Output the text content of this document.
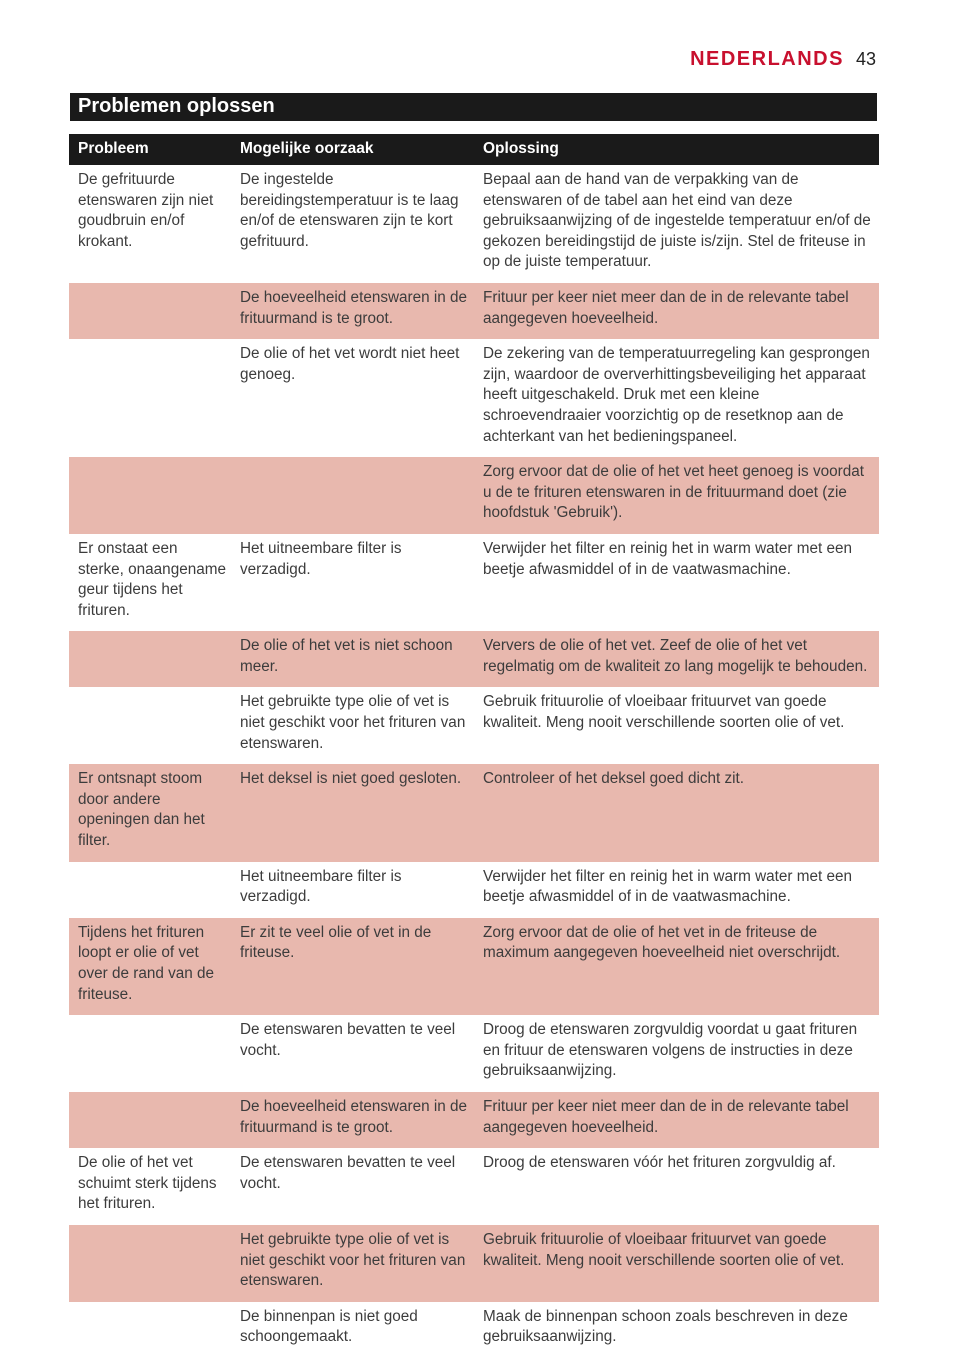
NEDERLANDS 43
Problemen oplossen
Probleem	Mogelijke oorzaak	Oplossing
De gefrituurde etenswaren zijn niet goudbruin en/of krokant.	De ingestelde bereidingstemperatuur is te laag en/of de etenswaren zijn te kort gefrituurd.	Bepaal aan de hand van de verpakking van de etenswaren of de tabel aan het eind van deze gebruiksaanwijzing of de ingestelde temperatuur en/of de gekozen bereidingstijd de juiste is/zijn. Stel de friteuse in op de juiste temperatuur.
	De hoeveelheid etenswaren in de frituurmand is te groot.	Frituur per keer niet meer dan de in de relevante tabel aangegeven hoeveelheid.
	De olie of het vet wordt niet heet genoeg.	De zekering van de temperatuurregeling kan gesprongen zijn, waardoor de oververhittingsbeveiliging het apparaat heeft uitgeschakeld. Druk met een kleine schroevendraaier voorzichtig op de resetknop aan de achterkant van het bedieningspaneel.
		Zorg ervoor dat de olie of het vet heet genoeg is voordat u de te frituren etenswaren in de frituurmand doet (zie hoofdstuk 'Gebruik').
Er onstaat een sterke, onaangename geur tijdens het frituren.	Het uitneembare filter is verzadigd.	Verwijder het filter en reinig het in warm water met een beetje afwasmiddel of in de vaatwasmachine.
	De olie of het vet is niet schoon meer.	Ververs de olie of het vet. Zeef de olie of het vet regelmatig om de kwaliteit zo lang mogelijk te behouden.
	Het gebruikte type olie of vet is niet geschikt voor het frituren van etenswaren.	Gebruik frituurolie of vloeibaar frituurvet van goede kwaliteit. Meng nooit verschillende soorten olie of vet.
Er ontsnapt stoom door andere openingen dan het filter.	Het deksel is niet goed gesloten.	Controleer of het deksel goed dicht zit.
	Het uitneembare filter is verzadigd.	Verwijder het filter en reinig het in warm water met een beetje afwasmiddel of in de vaatwasmachine.
Tijdens het frituren loopt er olie of vet over de rand van de friteuse.	Er zit te veel olie of vet in de friteuse.	Zorg ervoor dat de olie of het vet in de friteuse de maximum aangegeven hoeveelheid niet overschrijdt.
	De etenswaren bevatten te veel vocht.	Droog de etenswaren zorgvuldig voordat u gaat frituren en frituur de etenswaren volgens de instructies in deze gebruiksaanwijzing.
	De hoeveelheid etenswaren in de frituurmand is te groot.	Frituur per keer niet meer dan de in de relevante tabel aangegeven hoeveelheid.
De olie of het vet schuimt sterk tijdens het frituren.	De etenswaren bevatten te veel vocht.	Droog de etenswaren vóór het frituren zorgvuldig af.
	Het gebruikte type olie of vet is niet geschikt voor het frituren van etenswaren.	Gebruik frituurolie of vloeibaar frituurvet van goede kwaliteit. Meng nooit verschillende soorten olie of vet.
	De binnenpan is niet goed schoongemaakt.	Maak de binnenpan schoon zoals beschreven in deze gebruiksaanwijzing.
